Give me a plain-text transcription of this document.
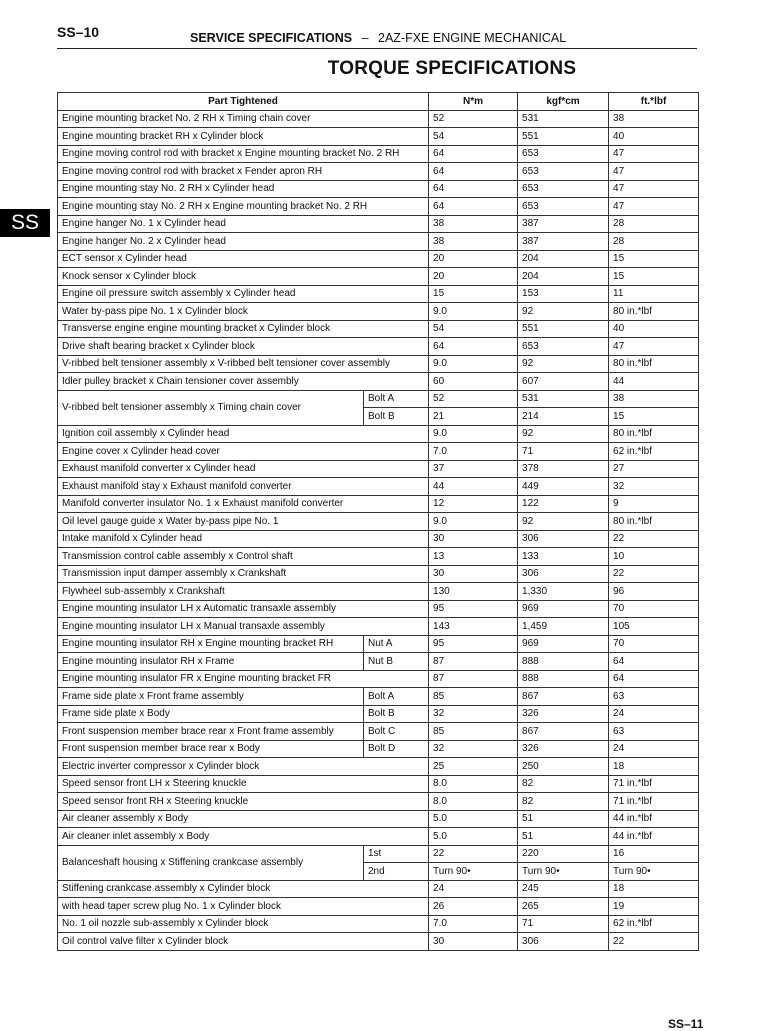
SS–10	SERVICE SPECIFICATIONS – 2AZ-FXE ENGINE MECHANICAL
TORQUE SPECIFICATIONS
SS
Part Tightened		N*m	kgf*cm	ft.*lbf
Engine mounting bracket No. 2 RH x Timing chain cover		52	531	38
Engine mounting bracket RH x Cylinder block		54	551	40
Engine moving control rod with bracket x Engine mounting bracket No. 2 RH		64	653	47
Engine moving control rod with bracket x Fender apron RH		64	653	47
Engine mounting stay No. 2 RH x Cylinder head		64	653	47
Engine mounting stay No. 2 RH x Engine mounting bracket No. 2 RH		64	653	47
Engine hanger No. 1 x Cylinder head		38	387	28
Engine hanger No. 2 x Cylinder head		38	387	28
ECT sensor x Cylinder head		20	204	15
Knock sensor x Cylinder block		20	204	15
Engine oil pressure switch assembly x Cylinder head		15	153	11
Water by-pass pipe No. 1 x Cylinder block		9.0	92	80 in.*lbf
Transverse engine engine mounting bracket x Cylinder block		54	551	40
Drive shaft bearing bracket x Cylinder block		64	653	47
V-ribbed belt tensioner assembly x V-ribbed belt tensioner cover assembly		9.0	92	80 in.*lbf
Idler pulley bracket x Chain tensioner cover assembly		60	607	44
V-ribbed belt tensioner assembly x Timing chain cover	Bolt A	52	531	38
	Bolt B	21	214	15
Ignition coil assembly x Cylinder head		9.0	92	80 in.*lbf
Engine cover x Cylinder head cover		7.0	71	62 in.*lbf
Exhaust manifold converter x Cylinder head		37	378	27
Exhaust manifold stay x Exhaust manifold converter		44	449	32
Manifold converter insulator No. 1 x Exhaust manifold converter		12	122	9
Oil level gauge guide x Water by-pass pipe No. 1		9.0	92	80 in.*lbf
Intake manifold x Cylinder head		30	306	22
Transmission control cable assembly x Control shaft		13	133	10
Transmission input damper assembly x Crankshaft		30	306	22
Flywheel sub-assembly x Crankshaft		130	1,330	96
Engine mounting insulator LH x Automatic transaxle assembly		95	969	70
Engine mounting insulator LH x Manual transaxle assembly		143	1,459	105
Engine mounting insulator RH x Engine mounting bracket RH	Nut A	95	969	70
Engine mounting insulator RH x Frame	Nut B	87	888	64
Engine mounting insulator FR x Engine mounting bracket FR		87	888	64
Frame side plate x Front frame assembly	Bolt A	85	867	63
Frame side plate x Body	Bolt B	32	326	24
Front suspension member brace rear x Front frame assembly	Bolt C	85	867	63
Front suspension member brace rear x Body	Bolt D	32	326	24
Electric inverter compressor x Cylinder block		25	250	18
Speed sensor front LH x Steering knuckle		8.0	82	71 in.*lbf
Speed sensor front RH x Steering knuckle		8.0	82	71 in.*lbf
Air cleaner assembly x Body		5.0	51	44 in.*lbf
Air cleaner inlet assembly x Body		5.0	51	44 in.*lbf
Balanceshaft housing x Stiffening crankcase assembly	1st	22	220	16
	2nd	Turn 90•	Turn 90•	Turn 90•
Stiffening crankcase assembly x Cylinder block		24	245	18
with head taper screw plug No. 1 x Cylinder block		26	265	19
No. 1 oil nozzle sub-assembly x Cylinder block		7.0	71	62 in.*lbf
Oil control valve filter x Cylinder block		30	306	22
SS–11
